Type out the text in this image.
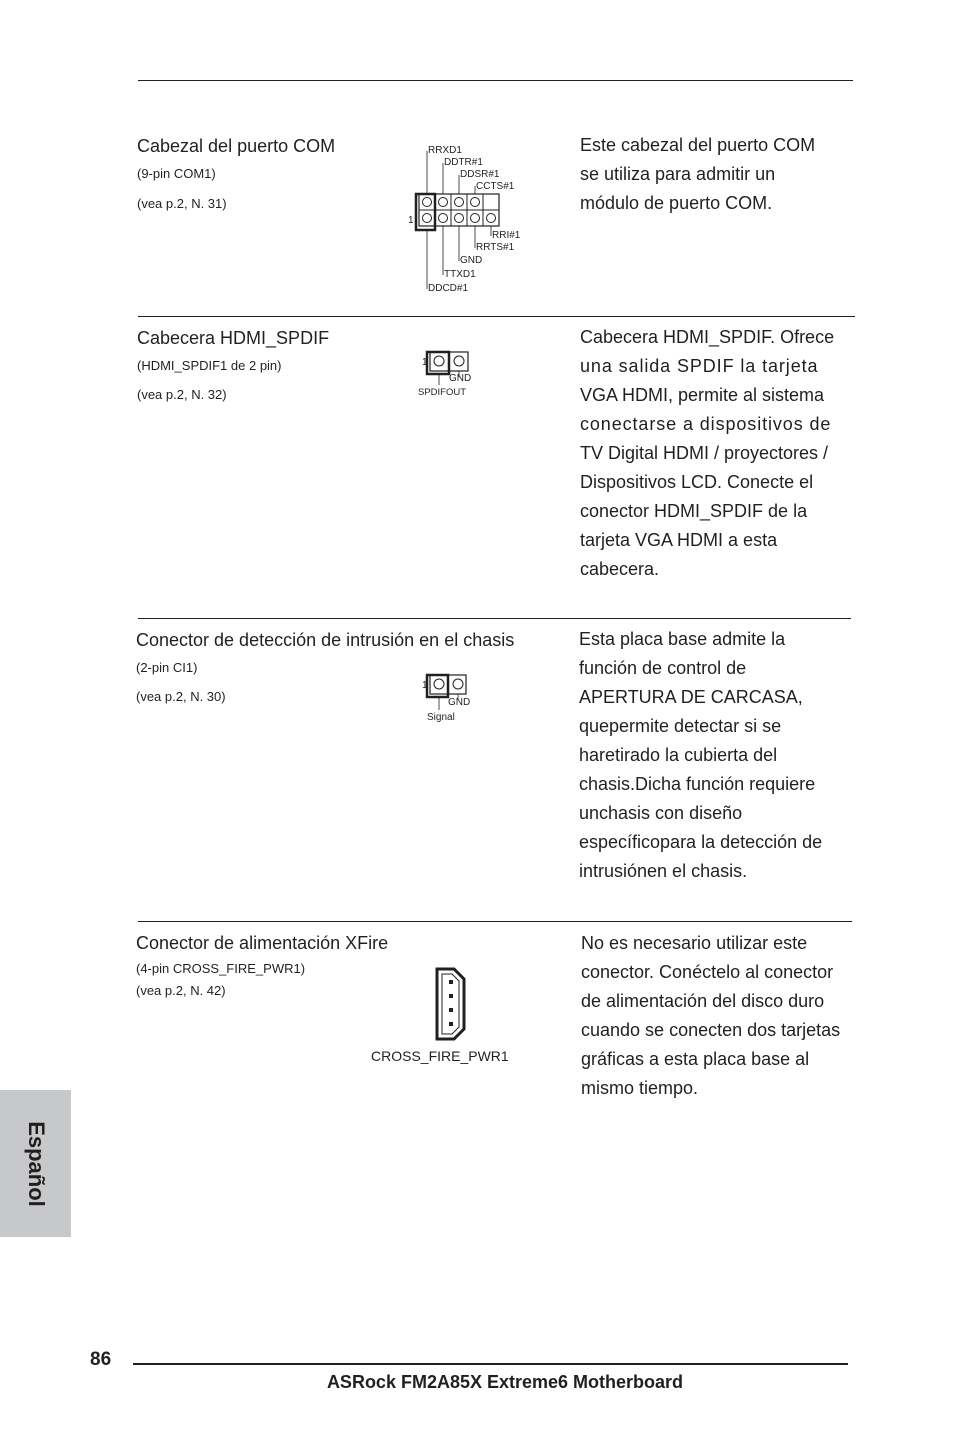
Cabezal del puerto COM
(9-pin COM1)
(vea p.2, N. 31)
RRXD1
DDTR#1
DDSR#1
CCTS#1
1
RRI#1
RRTS#1
GND
TTXD1
DDCD#1
Este cabezal del puerto COM
se utiliza para admitir un
módulo de puerto COM.
Cabecera HDMI_SPDIF
(HDMI_SPDIF1 de 2 pin)
(vea p.2, N. 32)
1
GND
SPDIFOUT
Cabecera HDMI_SPDIF. Ofrece
una salida SPDIF la tarjeta
VGA HDMI, permite al sistema
conectarse a dispositivos de
TV Digital HDMI / proyectores /
Dispositivos LCD. Conecte el
conector HDMI_SPDIF de la
tarjeta VGA HDMI a esta
cabecera.
Conector de detección de intrusión en el chasis
(2-pin CI1)
(vea p.2, N. 30)
1
GND
Signal
Esta placa base admite la
función de control de
APERTURA DE CARCASA,
quepermite detectar si se
haretirado la cubierta del
chasis.Dicha función requiere
unchasis con diseño
específicopara la detección de
intrusiónen el chasis.
Conector de alimentación XFire
(4-pin CROSS_FIRE_PWR1)
(vea p.2, N. 42)
CROSS_FIRE_PWR1
No es necesario utilizar este
conector. Conéctelo al conector
de alimentación del disco duro
cuando se conecten dos tarjetas
gráficas a esta placa base al
mismo tiempo.
Español
86
ASRock FM2A85X Extreme6 Motherboard
